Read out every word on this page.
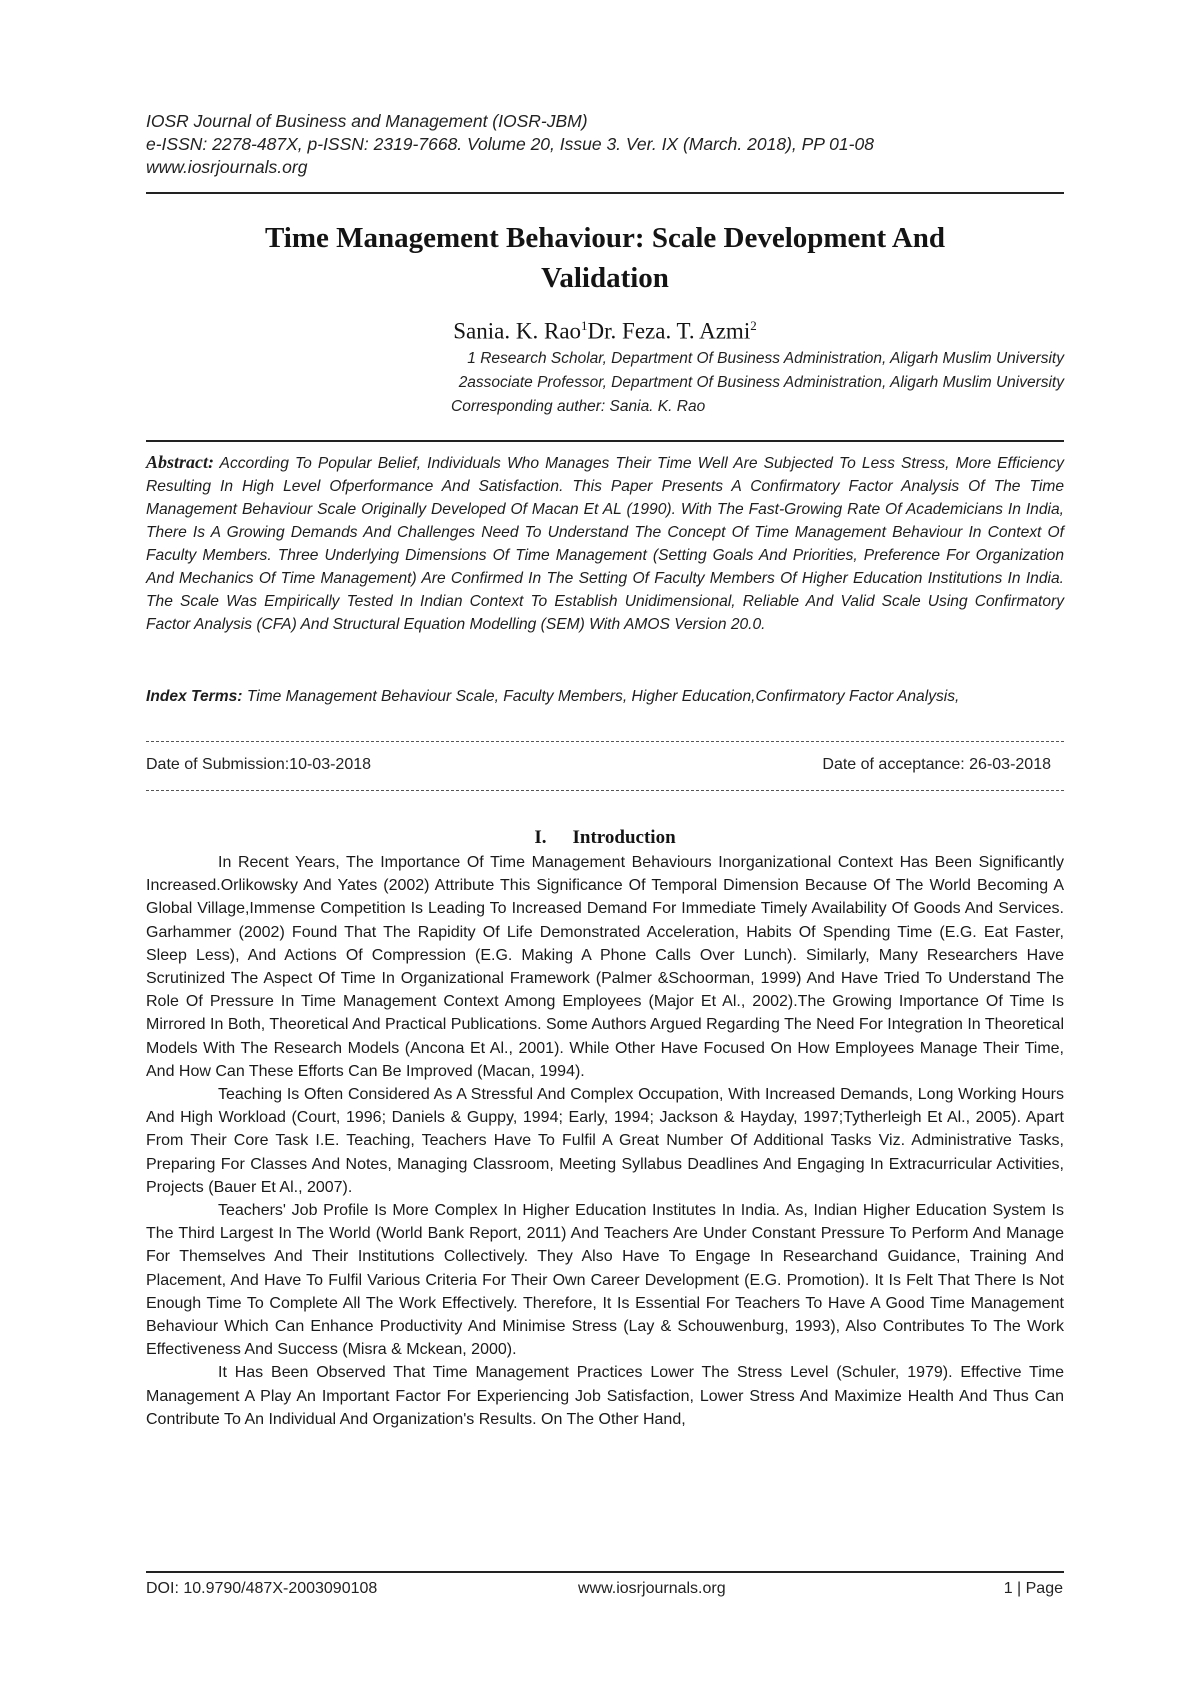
IOSR Journal of Business and Management (IOSR-JBM)
e-ISSN: 2278-487X, p-ISSN: 2319-7668. Volume 20, Issue 3. Ver. IX (March. 2018), PP 01-08
www.iosrjournals.org
Time Management Behaviour: Scale Development And
Validation
Sania. K. Rao$^1$Dr. Feza. T. Azmi$^2$
1 Research Scholar, Department Of Business Administration, Aligarh Muslim University
2associate Professor, Department Of Business Administration, Aligarh Muslim University
Corresponding auther: Sania. K. Rao
Abstract: According To Popular Belief, Individuals Who Manages Their Time Well Are Subjected To Less Stress, More Efficiency Resulting In High Level Ofperformance And Satisfaction. This Paper Presents A Confirmatory Factor Analysis Of The Time Management Behaviour Scale Originally Developed Of Macan Et AL (1990). With The Fast-Growing Rate Of Academicians In India, There Is A Growing Demands And Challenges Need To Understand The Concept Of Time Management Behaviour In Context Of Faculty Members. Three Underlying Dimensions Of Time Management (Setting Goals And Priorities, Preference For Organization And Mechanics Of Time Management) Are Confirmed In The Setting Of Faculty Members Of Higher Education Institutions In India. The Scale Was Empirically Tested In Indian Context To Establish Unidimensional, Reliable And Valid Scale Using Confirmatory Factor Analysis (CFA) And Structural Equation Modelling (SEM) With AMOS Version 20.0.
Index Terms: Time Management Behaviour Scale, Faculty Members, Higher Education,Confirmatory Factor Analysis,
Date of Submission:10-03-2018	Date of acceptance: 26-03-2018
I. Introduction

In Recent Years, The Importance Of Time Management Behaviours Inorganizational Context Has Been Significantly Increased.Orlikowsky And Yates (2002) Attribute This Significance Of Temporal Dimension Because Of The World Becoming A Global Village,Immense Competition Is Leading To Increased Demand For Immediate Timely Availability Of Goods And Services. Garhammer (2002) Found That The Rapidity Of Life Demonstrated Acceleration, Habits Of Spending Time (E.G. Eat Faster, Sleep Less), And Actions Of Compression (E.G. Making A Phone Calls Over Lunch). Similarly, Many Researchers Have Scrutinized The Aspect Of Time In Organizational Framework (Palmer &Schoorman, 1999) And Have Tried To Understand The Role Of Pressure In Time Management Context Among Employees (Major Et Al., 2002).The Growing Importance Of Time Is Mirrored In Both, Theoretical And Practical Publications. Some Authors Argued Regarding The Need For Integration In Theoretical Models With The Research Models (Ancona Et Al., 2001). While Other Have Focused On How Employees Manage Their Time, And How Can These Efforts Can Be Improved (Macan, 1994).

Teaching Is Often Considered As A Stressful And Complex Occupation, With Increased Demands, Long Working Hours And High Workload (Court, 1996; Daniels & Guppy, 1994; Early, 1994; Jackson & Hayday, 1997;Tytherleigh Et Al., 2005). Apart From Their Core Task I.E. Teaching, Teachers Have To Fulfil A Great Number Of Additional Tasks Viz. Administrative Tasks, Preparing For Classes And Notes, Managing Classroom, Meeting Syllabus Deadlines And Engaging In Extracurricular Activities, Projects (Bauer Et Al., 2007).

Teachers' Job Profile Is More Complex In Higher Education Institutes In India. As, Indian Higher Education System Is The Third Largest In The World (World Bank Report, 2011) And Teachers Are Under Constant Pressure To Perform And Manage For Themselves And Their Institutions Collectively. They Also Have To Engage In Researchand Guidance, Training And Placement, And Have To Fulfil Various Criteria For Their Own Career Development (E.G. Promotion). It Is Felt That There Is Not Enough Time To Complete All The Work Effectively. Therefore, It Is Essential For Teachers To Have A Good Time Management Behaviour Which Can Enhance Productivity And Minimise Stress (Lay & Schouwenburg, 1993), Also Contributes To The Work Effectiveness And Success (Misra & Mckean, 2000).

It Has Been Observed That Time Management Practices Lower The Stress Level (Schuler, 1979). Effective Time Management A Play An Important Factor For Experiencing Job Satisfaction, Lower Stress And Maximize Health And Thus Can Contribute To An Individual And Organization's Results. On The Other Hand,

DOI: 10.9790/487X-2003090108	www.iosrjournals.org	1 | Page
